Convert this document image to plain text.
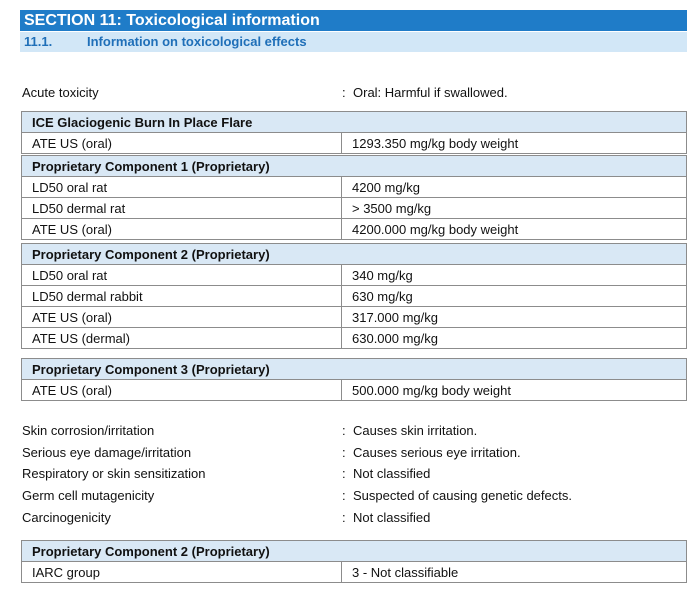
SECTION 11: Toxicological information
11.1.	Information on toxicological effects
Acute toxicity	: Oral: Harmful if swallowed.
ICE Glaciogenic Burn In Place Flare
ATE US (oral)	1293.350 mg/kg body weight
Proprietary Component 1 (Proprietary)	
LD50 oral rat	4200 mg/kg
LD50 dermal rat	> 3500 mg/kg
ATE US (oral)	4200.000 mg/kg body weight
Proprietary Component 2 (Proprietary)	
LD50 oral rat	340 mg/kg
LD50 dermal rabbit	630 mg/kg
ATE US (oral)	317.000 mg/kg
ATE US (dermal)	630.000 mg/kg
Proprietary Component 3 (Proprietary)
ATE US (oral)	500.000 mg/kg body weight
Skin corrosion/irritation	: Causes skin irritation.
Serious eye damage/irritation	: Causes serious eye irritation.
Respiratory or skin sensitization	: Not classified
Germ cell mutagenicity	: Suspected of causing genetic defects.
Carcinogenicity	: Not classified
Proprietary Component 2 (Proprietary)
IARC group	3 - Not classifiable
